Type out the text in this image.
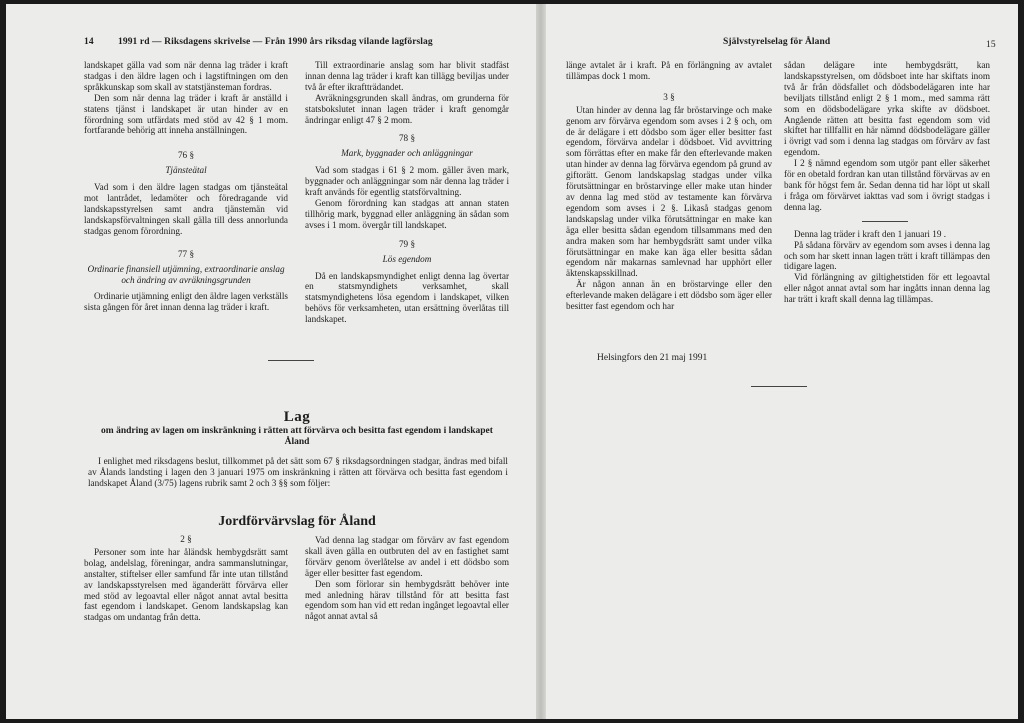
14	1991 rd — Riksdagens skrivelse — Från 1990 års riksdag vilande lagförslag

landskapet gälla vad som när denna lag träder i kraft stadgas i den äldre lagen och i lagstiftningen om den språkkunskap som skall av statstjänsteman fordras.

Den som när denna lag träder i kraft är anställd i statens tjänst i landskapet är utan hinder av en förordning som utfärdats med stöd av 42 § 1 mom. fortfarande behörig att inneha anställningen.

76 §
Tjänsteätal

Vad som i den äldre lagen stadgas om tjänsteätal mot lantrådet, ledamöter och föredragande vid landskapsstyrelsen samt andra tjänstemän vid landskapsförvaltningen skall gälla till dess annorlunda stadgas genom förordning.

77 §
Ordinarie finansiell utjämning, extraordinarie anslag och ändring av avräkningsgrunden

Ordinarie utjämning enligt den äldre lagen verkställs sista gången för året innan denna lag träder i kraft.

Till extraordinarie anslag som har blivit stadfäst innan denna lag träder i kraft kan tillägg beviljas under två år efter ikraftträdandet.

Avräkningsgrunden skall ändras, om grunderna för statsbokslutet innan lagen träder i kraft genomgår ändringar enligt 47 § 2 mom.

78 §
Mark, byggnader och anläggningar

Vad som stadgas i 61 § 2 mom. gäller även mark, byggnader och anläggningar som när denna lag träder i kraft används för egentlig statsförvaltning.

Genom förordning kan stadgas att annan staten tillhörig mark, byggnad eller anläggning än sådan som avses i 1 mom. övergår till landskapet.

79 §
Lös egendom

Då en landskapsmyndighet enligt denna lag övertar en statsmyndighets verksamhet, skall statsmyndighetens lösa egendom i landskapet, vilken behövs för verksamheten, utan ersättning överlåtas till landskapet.

Lag
om ändring av lagen om inskränkning i rätten att förvärva och besitta fast egendom i landskapet Åland

I enlighet med riksdagens beslut, tillkommet på det sätt som 67 § riksdagsordningen stadgar, ändras med bifall av Ålands landsting i lagen den 3 januari 1975 om inskränkning i rätten att förvärva och besitta fast egendom i landskapet Åland (3/75) lagens rubrik samt 2 och 3 §§ som följer:

Jordförvärvslag för Åland
2 §

Personer som inte har åländsk hembygdsrätt samt bolag, andelslag, föreningar, andra sammanslutningar, anstalter, stiftelser eller samfund får inte utan tillstånd av landskapsstyrelsen med äganderätt förvärva eller med stöd av legoavtal eller något annat avtal besitta fast egendom i landskapet. Genom landskapslag kan stadgas om undantag från detta.

Vad denna lag stadgar om förvärv av fast egendom skall även gälla en outbruten del av en fastighet samt förvärv genom överlåtelse av andel i ett dödsbo som äger eller besitter fast egendom.

Den som förlorar sin hembygdsrätt behöver inte med anledning härav tillstånd för att besitta fast egendom som han vid ett redan ingånget legoavtal eller något annat avtal så

Självstyrelselag för Åland	15

länge avtalet är i kraft. På en förlängning av avtalet tillämpas dock 1 mom.

3 §

Utan hinder av denna lag får bröstarvinge och make genom arv förvärva egendom som avses i 2 § och, om de är delägare i ett dödsbo som äger eller besitter fast egendom, förvärva andelar i dödsboet. Vid avvittring som förrättas efter en make får den efterlevande maken utan hinder av denna lag förvärva egendom på grund av giftorätt. Genom landskapslag stadgas under vilka förutsättningar en bröstarvinge eller make utan hinder av denna lag med stöd av testamente kan förvärva egendom som avses i 2 §. Likaså stadgas genom landskapslag under vilka förutsättningar en make kan äga eller besitta sådan egendom tillsammans med den andra maken som har hembygdsrätt samt under vilka förutsättningar en make kan äga eller besitta sådan egendom när makarnas samlevnad har upphört eller äktenskapsskillnad.

Är någon annan än en bröstarvinge eller den efterlevande maken delägare i ett dödsbo som äger eller besitter fast egendom och har

sådan delägare inte hembygdsrätt, kan landskapsstyrelsen, om dödsboet inte har skiftats inom två år från dödsfallet och dödsbodelägaren inte har beviljats tillstånd enligt 2 § 1 mom., med samma rätt som en dödsbodelägare yrka skifte av dödsboet. Angående rätten att besitta fast egendom som vid skiftet har tillfallit en här nämnd dödsbodelägare gäller i övrigt vad som i denna lag stadgas om förvärv av fast egendom.

I 2 § nämnd egendom som utgör pant eller säkerhet för en obetald fordran kan utan tillstånd förvärvas av en bank för högst fem år. Sedan denna tid har löpt ut skall i fråga om förvärvet iakttas vad som i övrigt stadgas i denna lag.

Denna lag träder i kraft den 1 januari 19 .

På sådana förvärv av egendom som avses i denna lag och som har skett innan lagen trätt i kraft tillämpas den tidigare lagen.

Vid förlängning av giltighetstiden för ett legoavtal eller något annat avtal som har ingåtts innan denna lag har trätt i kraft skall denna lag tillämpas.

Helsingfors den 21 maj 1991
